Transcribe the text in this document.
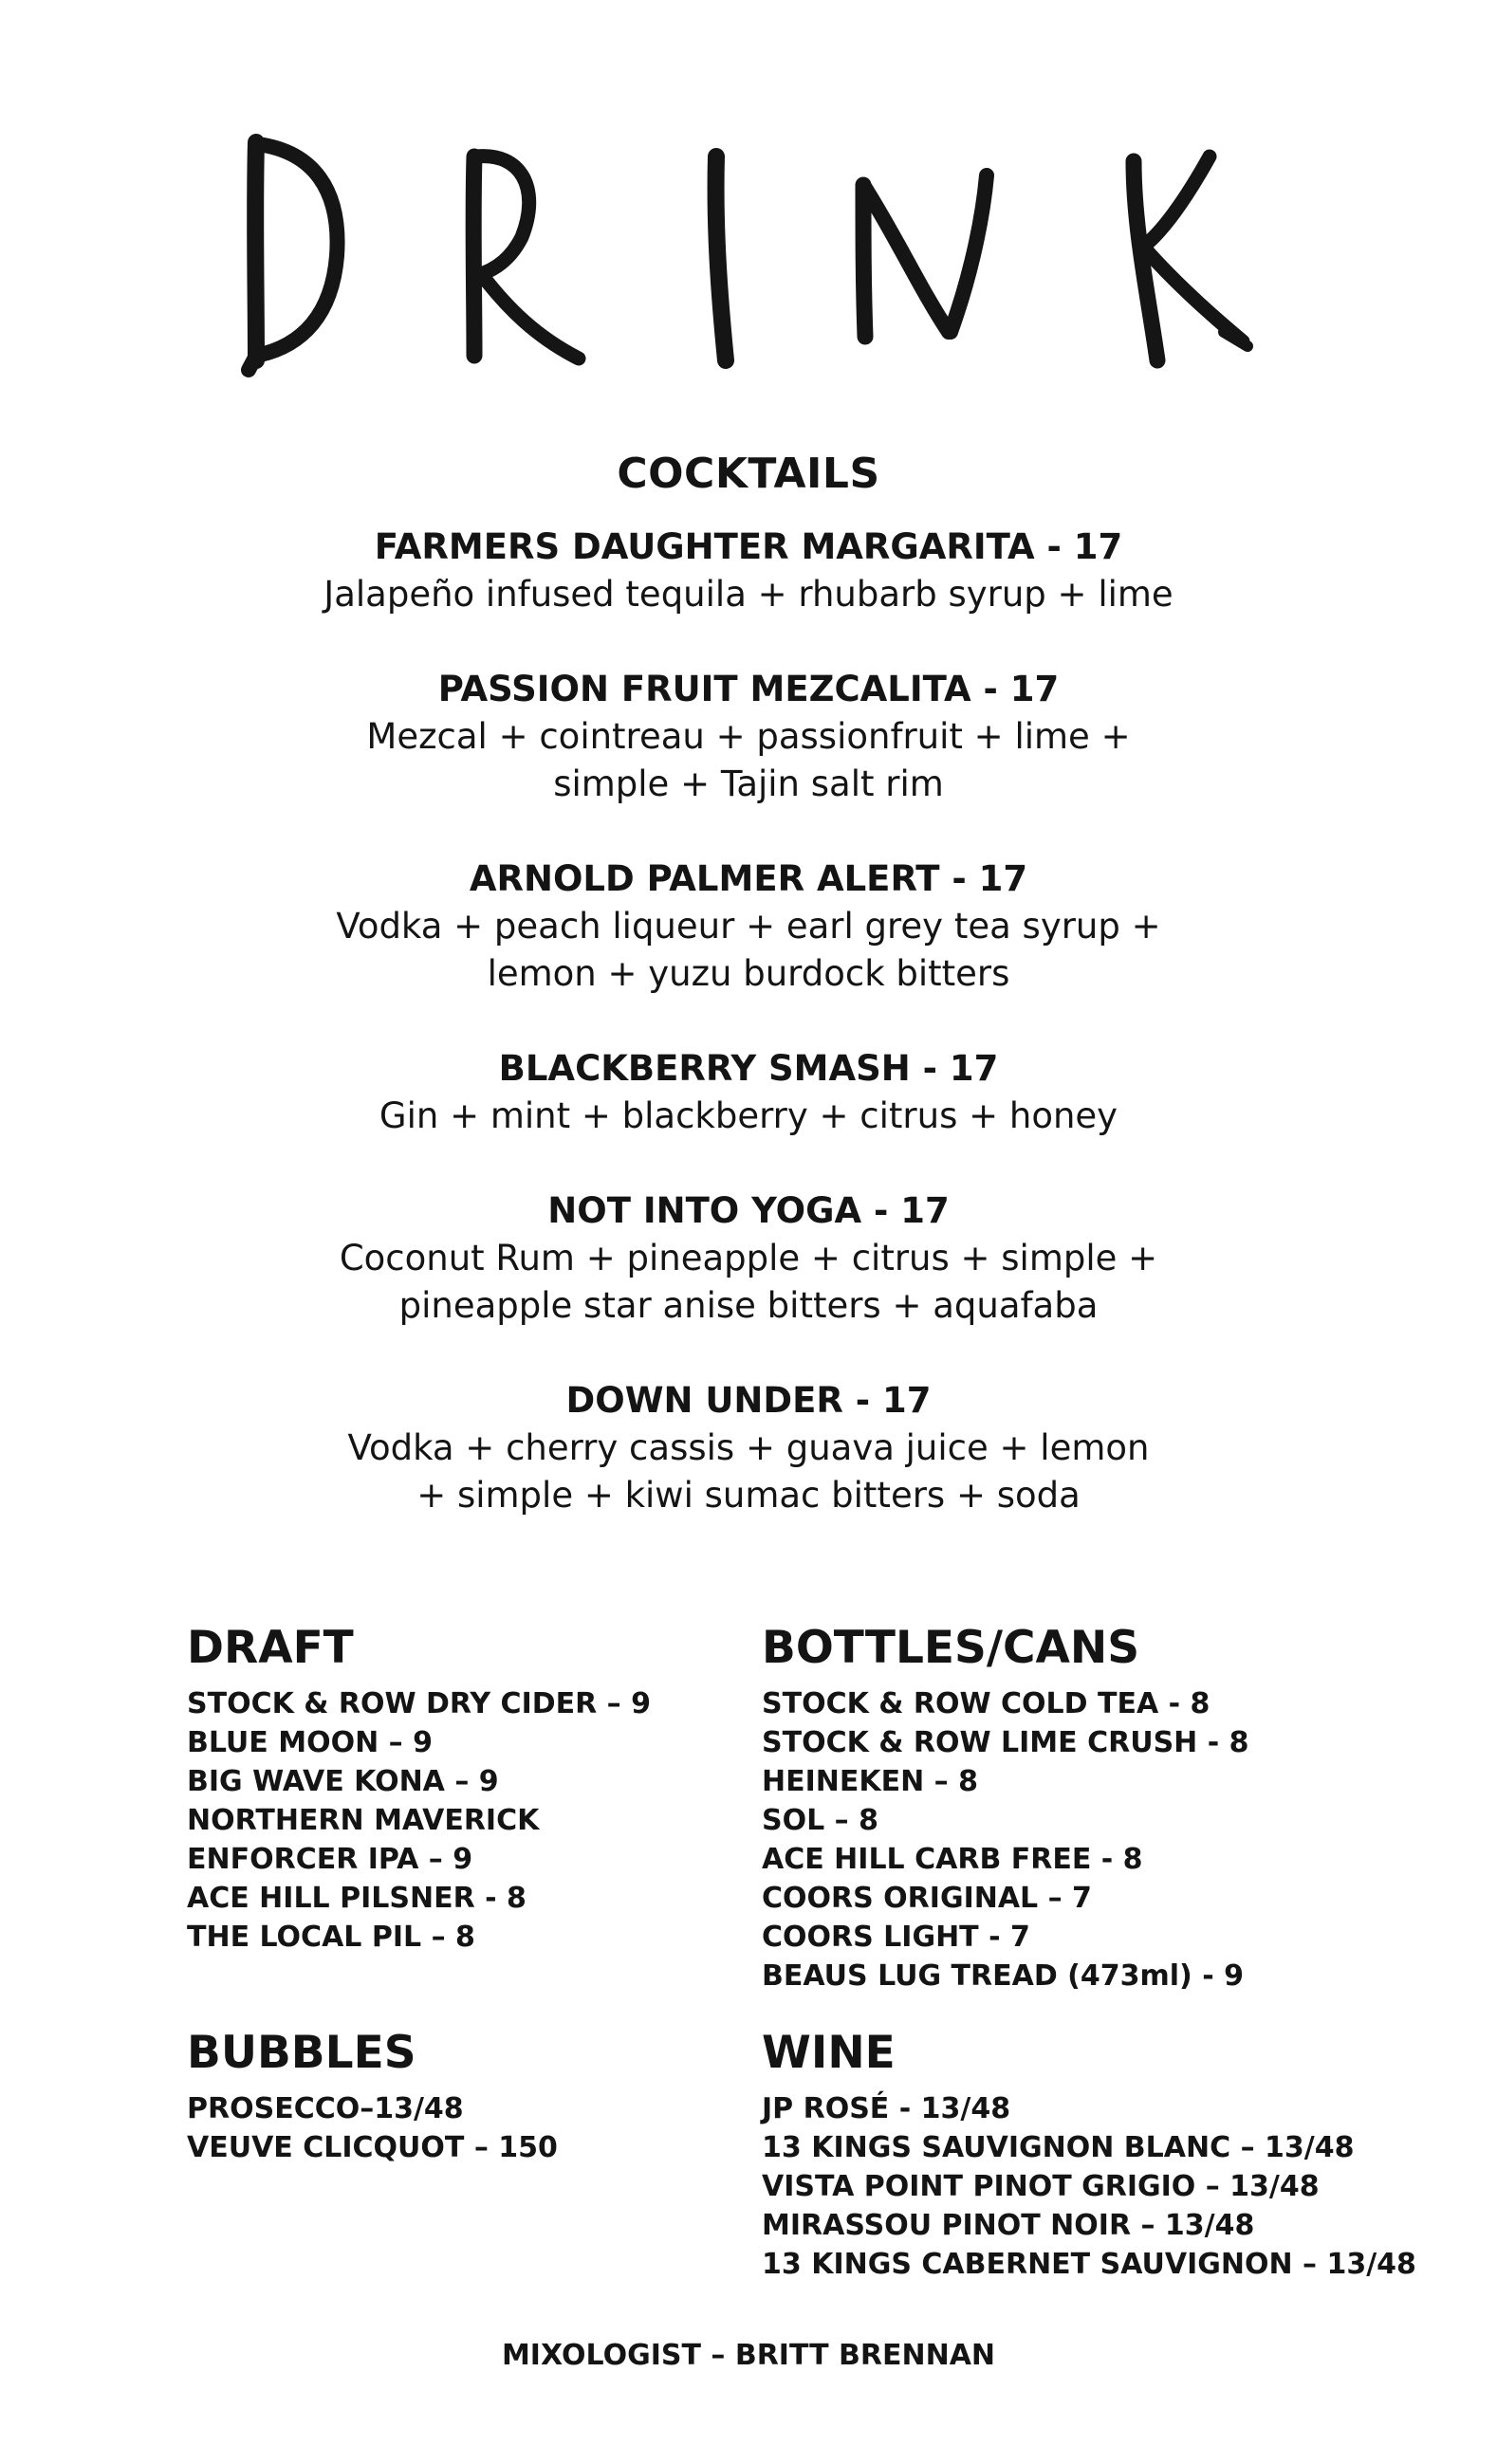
COCKTAILS
FARMERS DAUGHTER MARGARITA - 17
Jalapeño infused tequila + rhubarb syrup + lime
PASSION FRUIT MEZCALITA - 17
Mezcal + cointreau + passionfruit + lime + simple + Tajin salt rim
ARNOLD PALMER ALERT - 17
Vodka + peach liqueur + earl grey tea syrup + lemon + yuzu burdock bitters
BLACKBERRY SMASH - 17
Gin + mint + blackberry + citrus + honey
NOT INTO YOGA - 17
Coconut Rum + pineapple + citrus + simple + pineapple star anise bitters + aquafaba
DOWN UNDER - 17
Vodka + cherry cassis + guava juice + lemon + simple + kiwi sumac bitters + soda
DRAFT
STOCK & ROW DRY CIDER – 9
BLUE MOON – 9
BIG WAVE KONA – 9
NORTHERN MAVERICK
ENFORCER IPA – 9
ACE HILL PILSNER - 8
THE LOCAL PIL – 8
BOTTLES/CANS
STOCK & ROW COLD TEA - 8
STOCK & ROW LIME CRUSH - 8
HEINEKEN – 8
SOL – 8
ACE HILL CARB FREE - 8
COORS ORIGINAL – 7
COORS LIGHT - 7
BEAUS LUG TREAD (473ml) - 9
BUBBLES
PROSECCO–13/48
VEUVE CLICQUOT – 150
WINE
JP ROSÉ - 13/48
13 KINGS SAUVIGNON BLANC – 13/48
VISTA POINT PINOT GRIGIO – 13/48
MIRASSOU PINOT NOIR – 13/48
13 KINGS CABERNET SAUVIGNON – 13/48
MIXOLOGIST – BRITT BRENNAN
